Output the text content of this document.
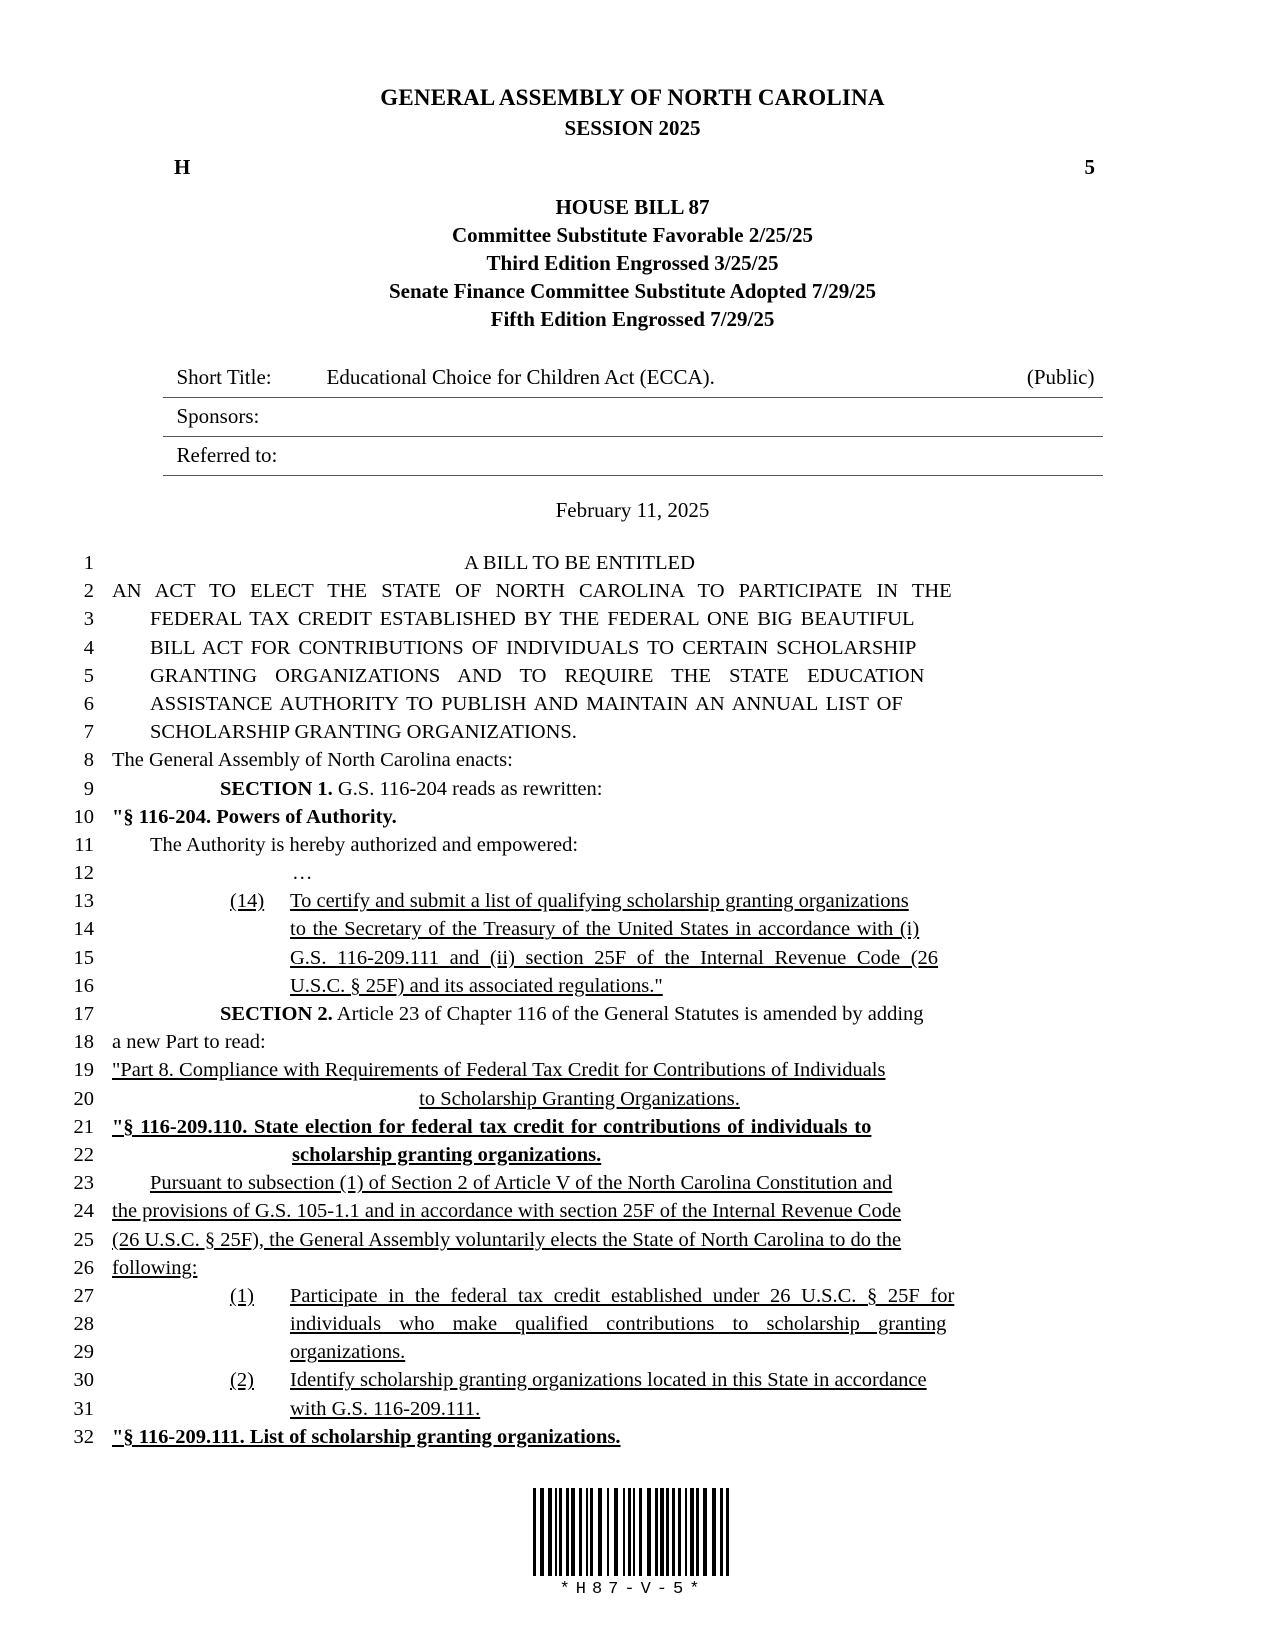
GENERAL ASSEMBLY OF NORTH CAROLINA
SESSION 2025
H	5
HOUSE BILL 87
Committee Substitute Favorable 2/25/25
Third Edition Engrossed 3/25/25
Senate Finance Committee Substitute Adopted 7/29/25
Fifth Edition Engrossed 7/29/25
Short Title:	Educational Choice for Children Act (ECCA).	(Public)
Sponsors:		
Referred to:		
February 11, 2025
1	A BILL TO BE ENTITLED
2 AN ACT TO ELECT THE STATE OF NORTH CAROLINA TO PARTICIPATE IN THE
3	FEDERAL TAX CREDIT ESTABLISHED BY THE FEDERAL ONE BIG BEAUTIFUL
4	BILL ACT FOR CONTRIBUTIONS OF INDIVIDUALS TO CERTAIN SCHOLARSHIP
5	GRANTING ORGANIZATIONS AND TO REQUIRE THE STATE EDUCATION
6	ASSISTANCE AUTHORITY TO PUBLISH AND MAINTAIN AN ANNUAL LIST OF
7	SCHOLARSHIP GRANTING ORGANIZATIONS.
8 The General Assembly of North Carolina enacts:
9	SECTION 1. G.S. 116-204 reads as rewritten:
10 "§ 116-204. Powers of Authority.
11	The Authority is hereby authorized and empowered:
12	…
13	(14)	To certify and submit a list of qualifying scholarship granting organizations
14	to the Secretary of the Treasury of the United States in accordance with (i)
15	G.S. 116-209.111 and (ii) section 25F of the Internal Revenue Code (26
16	U.S.C. § 25F) and its associated regulations."
17	SECTION 2. Article 23 of Chapter 116 of the General Statutes is amended by adding
18 a new Part to read:
19 "Part 8. Compliance with Requirements of Federal Tax Credit for Contributions of Individuals
20	to Scholarship Granting Organizations.
21 "§ 116-209.110. State election for federal tax credit for contributions of individuals to
22	scholarship granting organizations.
23	Pursuant to subsection (1) of Section 2 of Article V of the North Carolina Constitution and
24 the provisions of G.S. 105-1.1 and in accordance with section 25F of the Internal Revenue Code
25 (26 U.S.C. § 25F), the General Assembly voluntarily elects the State of North Carolina to do the
26 following:
27	(1)	Participate in the federal tax credit established under 26 U.S.C. § 25F for
28	individuals who make qualified contributions to scholarship granting
29	organizations.
30	(2)	Identify scholarship granting organizations located in this State in accordance
31	with G.S. 116-209.111.
32 "§ 116-209.111. List of scholarship granting organizations.
*H87-V-5*
